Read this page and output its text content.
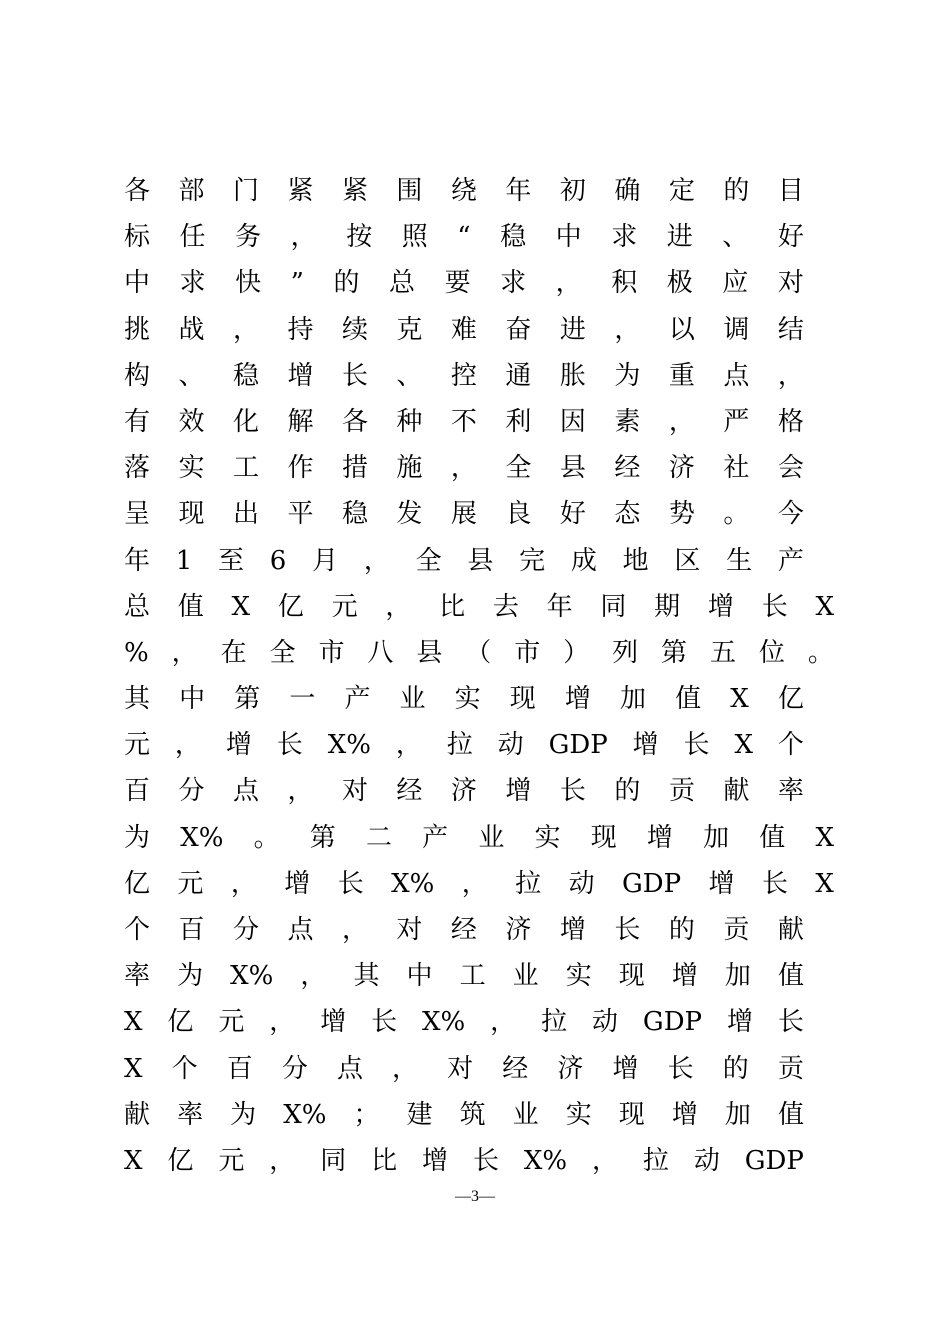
各 部 门 紧 紧 围 绕 年 初 确 定 的 目
标 任 务 ， 按 照 “ 稳 中 求 进 、 好
中 求 快 ” 的 总 要 求 ， 积 极 应 对
挑 战 ， 持 续 克 难 奋 进 ， 以 调 结
构 、 稳 增 长 、 控 通 胀 为 重 点 ，
有 效 化 解 各 种 不 利 因 素 ， 严 格
落 实 工 作 措 施 ， 全 县 经 济 社 会
呈 现 出 平 稳 发 展 良 好 态 势 。 今
年 1 至 6 月 ， 全 县 完 成 地 区 生 产
总 值 X 亿 元 ， 比 去 年 同 期 增 长 X
% ， 在 全 市 八 县 （ 市 ） 列 第 五 位 。
其 中 第 一 产 业 实 现 增 加 值 X 亿
元 ， 增 长 X% ， 拉 动 GDP 增 长 X 个
百 分 点 ， 对 经 济 增 长 的 贡 献 率
为 X% 。 第 二 产 业 实 现 增 加 值 X
亿 元 ， 增 长 X% ， 拉 动 GDP 增 长 X
个 百 分 点 ， 对 经 济 增 长 的 贡 献
率 为 X% ， 其 中 工 业 实 现 增 加 值
X 亿 元 ， 增 长 X% ， 拉 动 GDP 增 长
X 个 百 分 点 ， 对 经 济 增 长 的 贡
献 率 为 X% ； 建 筑 业 实 现 增 加 值
X 亿 元 ， 同 比 增 长 X% ， 拉 动 GDP
—3—
